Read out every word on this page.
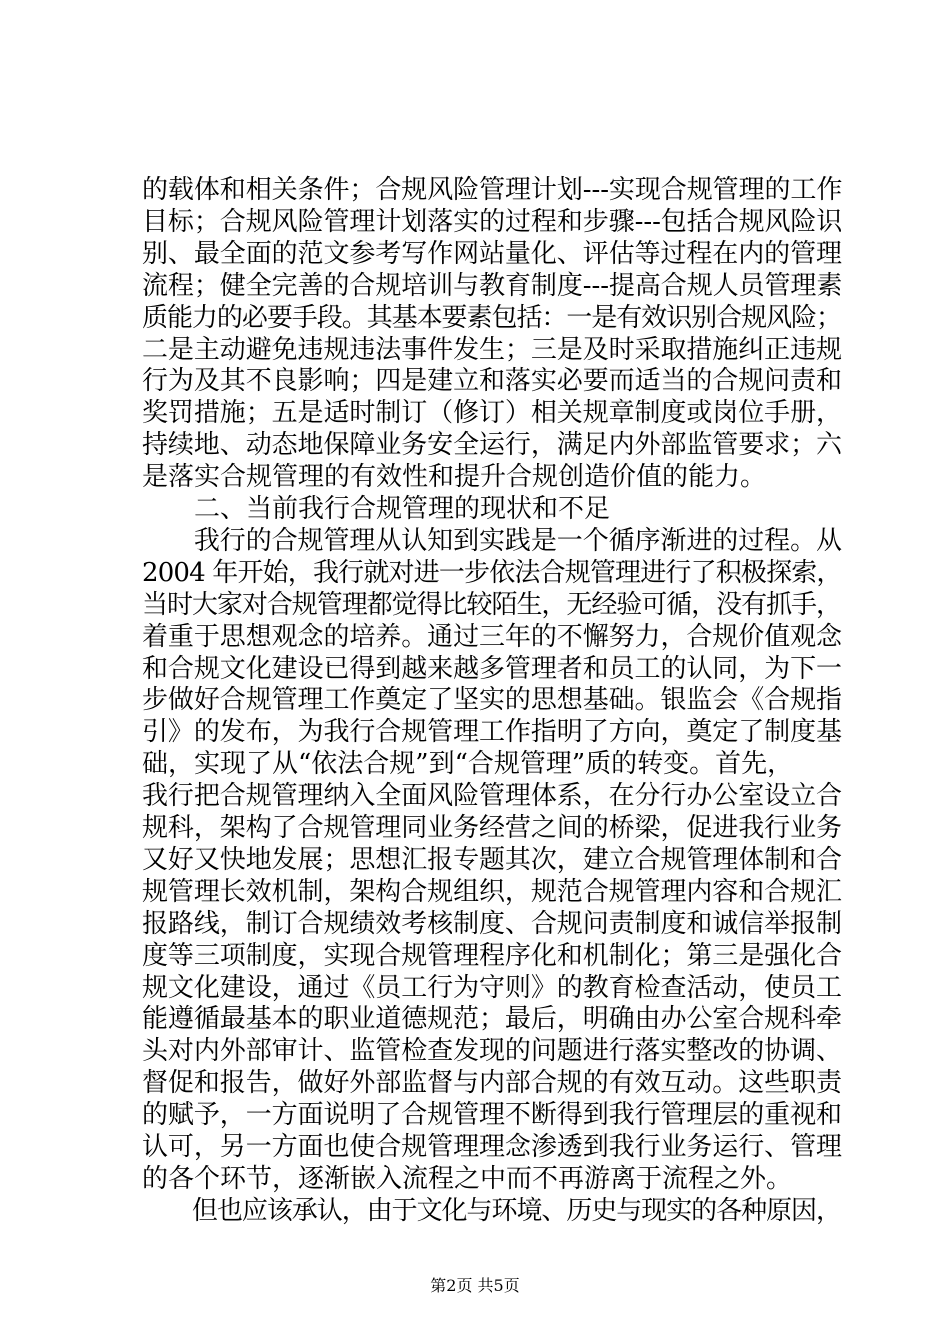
的载体和相关条件；合规风险管理计划---实现合规管理的工作
目标；合规风险管理计划落实的过程和步骤---包括合规风险识
别、最全面的范文参考写作网站量化、评估等过程在内的管理
流程；健全完善的合规培训与教育制度---提高合规人员管理素
质能力的必要手段。其基本要素包括：一是有效识别合规风险；
二是主动避免违规违法事件发生；三是及时采取措施纠正违规
行为及其不良影响；四是建立和落实必要而适当的合规问责和
奖罚措施；五是适时制订（修订）相关规章制度或岗位手册，
持续地、动态地保障业务安全运行，满足内外部监管要求；六
是落实合规管理的有效性和提升合规创造价值的能力。
　　二、当前我行合规管理的现状和不足
　　我行的合规管理从认知到实践是一个循序渐进的过程。从
2004 年开始，我行就对进一步依法合规管理进行了积极探索，
当时大家对合规管理都觉得比较陌生，无经验可循，没有抓手，
着重于思想观念的培养。通过三年的不懈努力，合规价值观念
和合规文化建设已得到越来越多管理者和员工的认同，为下一
步做好合规管理工作奠定了坚实的思想基础。银监会《合规指
引》的发布，为我行合规管理工作指明了方向，奠定了制度基
础，实现了从“依法合规”到“合规管理”质的转变。首先，
我行把合规管理纳入全面风险管理体系，在分行办公室设立合
规科，架构了合规管理同业务经营之间的桥梁，促进我行业务
又好又快地发展；思想汇报专题其次，建立合规管理体制和合
规管理长效机制，架构合规组织，规范合规管理内容和合规汇
报路线，制订合规绩效考核制度、合规问责制度和诚信举报制
度等三项制度，实现合规管理程序化和机制化；第三是强化合
规文化建设，通过《员工行为守则》的教育检查活动，使员工
能遵循最基本的职业道德规范；最后，明确由办公室合规科牵
头对内外部审计、监管检查发现的问题进行落实整改的协调、
督促和报告，做好外部监督与内部合规的有效互动。这些职责
的赋予，一方面说明了合规管理不断得到我行管理层的重视和
认可，另一方面也使合规管理理念渗透到我行业务运行、管理
的各个环节，逐渐嵌入流程之中而不再游离于流程之外。
　　但也应该承认，由于文化与环境、历史与现实的各种原因，
第2页 共5页
